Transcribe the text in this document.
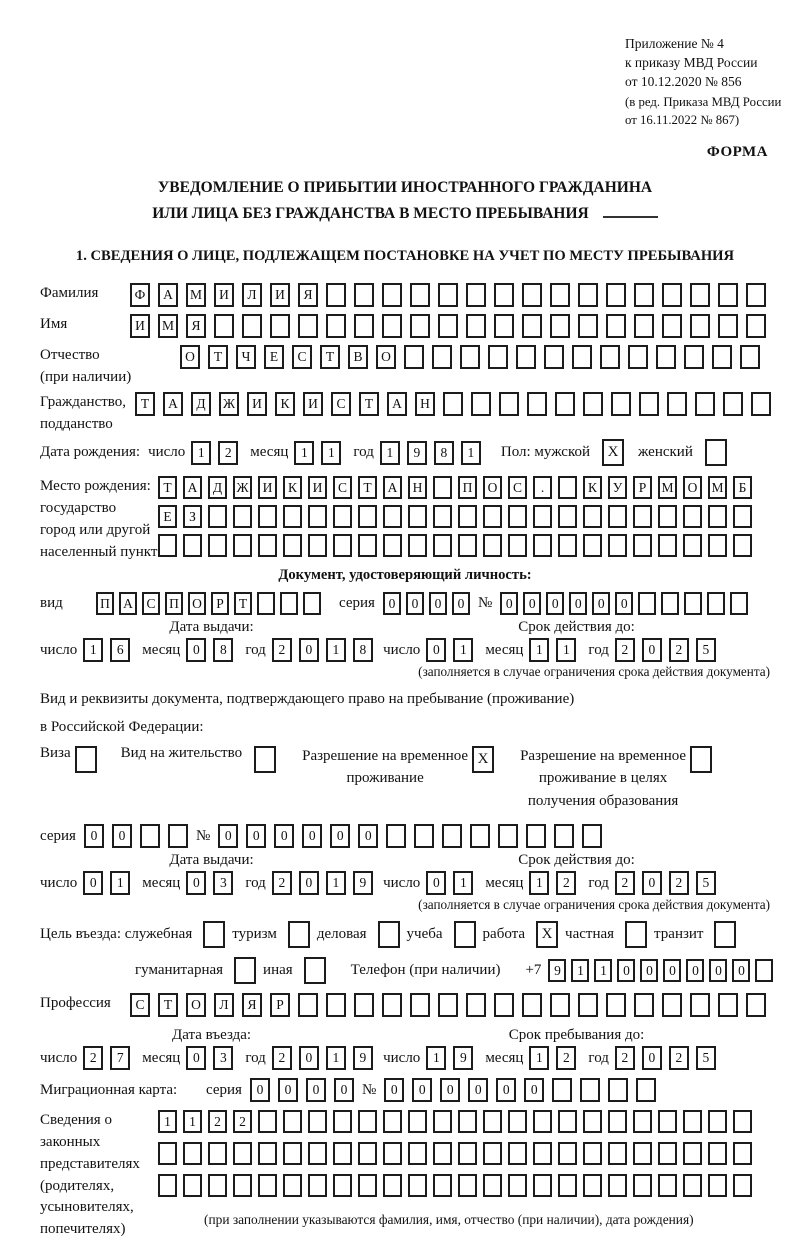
Приложение № 4
к приказу МВД России
от 10.12.2020 № 856
(в ред. Приказа МВД России
от 16.11.2022 № 867)
ФОРМА
УВЕДОМЛЕНИЕ О ПРИБЫТИИ ИНОСТРАННОГО ГРАЖДАНИНА
ИЛИ ЛИЦА БЕЗ ГРАЖДАНСТВА В МЕСТО ПРЕБЫВАНИЯ
1. СВЕДЕНИЯ О ЛИЦЕ, ПОДЛЕЖАЩЕМ ПОСТАНОВКЕ НА УЧЕТ ПО МЕСТУ ПРЕБЫВАНИЯ
Фамилия	Ф	А	М	И	Л	И	Я
Имя	И	М	Я
Отчество
(при наличии)
О	Т	Ч	Е	С	Т	В	О
Гражданство,
подданство
Т	А	Д	Ж	И	К	И	С	Т	А	Н
Дата рождения: число 1	2	месяц 1	1	год 1	9	8	1	Пол: мужской	X	женский
Место рождения:
государство
город или другой
населенный пункт
Т	А	Д	Ж	И	К	И	С	Т	А	Н	П	О	С	.	К	У	Р	М	О	М	Б
Е	З
Документ, удостоверяющий личность:
вид	П А	С	П О	Р	Т	серия	0	0	0	0 №	0	0	0	0	0	0
Дата выдачи:
число 1	6	месяц 0	8	год 2	0	1	8
Срок действия до:
число 0	1	месяц 1	1	год 2	0	2	5
(заполняется в случае ограничения срока действия документа)
Вид и реквизиты документа, подтверждающего право на пребывание (проживание)
в Российской Федерации:
Виза	Вид на жительство	Разрешение на временное
проживание
X	Разрешение на временное
проживание в целях
получения образования
серия	0	0	№	0	0	0	0	0	0
Дата выдачи:
число 0	1	месяц 0	3	год 2	0	1	9
Срок действия до:
число 0	1	месяц 1	2	год 2	0	2	5
(заполняется в случае ограничения срока действия документа)
Цель въезда: служебная	туризм	деловая	учеба	работа	X частная	транзит
гуманитарная	иная	Телефон (при наличии) +7 9	1	1	0	0	0	0	0	0
Профессия	С	Т	О	Л	Я	Р
Дата въезда:
число 2	7	месяц 0	3	год 2	0	1	9
Срок пребывания до:
число 1	9	месяц 1	2	год 2	0	2	5
Миграционная карта:	серия	0	0	0	0 №	0	0	0	0	0	0
Сведения о
законных
представителях
(родителях,
усыновителях,
попечителях)
1	1	2	2
(при заполнении указываются фамилия, имя, отчество (при наличии), дата рождения)
